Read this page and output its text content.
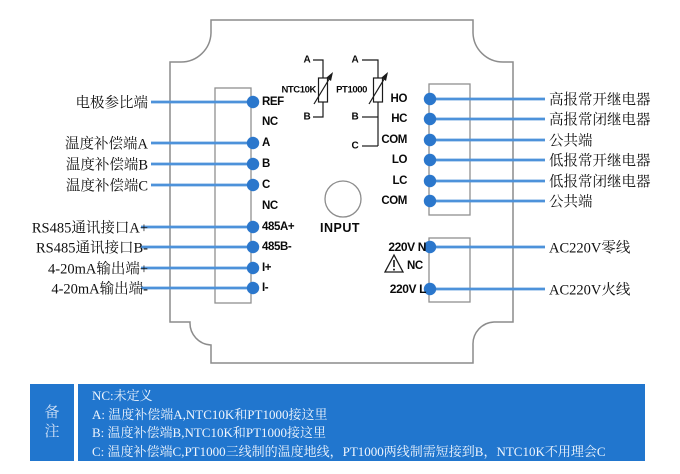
电极参比端
温度补偿端A
温度补偿端B
温度补偿端C
RS485通讯接口A+
RS485通讯接口B-
4-20mA输出端+
4-20mA输出端-
REF
NC
A
B
C
NC
485A+
485B-
I+
I-
HO
HC
COM
LO
LC
COM
220V N
NC
220V L
高报常开继电器
高报常闭继电器
公共端
低报常开继电器
低报常闭继电器
公共端
AC220V零线
AC220V火线
A
B
NTC10K
A
B
C
PT1000
INPUT
备注
NC:未定义
A: 温度补偿端A,NTC10K和PT1000接这里
B: 温度补偿端B,NTC10K和PT1000接这里
C: 温度补偿端C,PT1000三线制的温度地线，PT1000两线制需短接到B，NTC10K不用理会C
